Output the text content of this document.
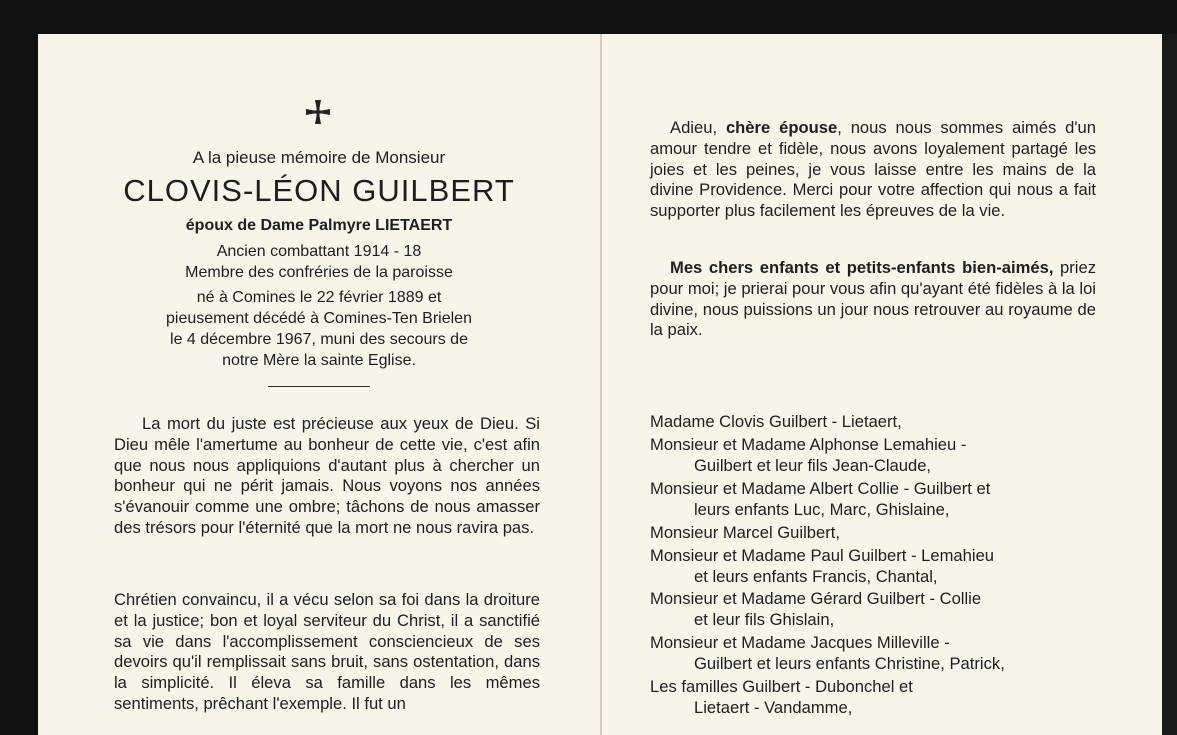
A la pieuse mémoire de Monsieur
CLOVIS-LÉON GUILBERT
époux de Dame Palmyre LIETAERT
Ancien combattant 1914 - 18
Membre des confréries de la paroisse
né à Comines le 22 février 1889 et
pieusement décédé à Comines-Ten Brielen
le 4 décembre 1967, muni des secours de
notre Mère la sainte Eglise.

La mort du juste est précieuse aux yeux de Dieu. Si Dieu mêle l'amertume au bonheur de cette vie, c'est afin que nous nous appliquions d'autant plus à chercher un bonheur qui ne périt jamais. Nous voyons nos années s'évanouir comme une ombre; tâchons de nous amasser des trésors pour l'éternité que la mort ne nous ravira pas.

Chrétien convaincu, il a vécu selon sa foi dans la droiture et la justice; bon et loyal serviteur du Christ, il a sanctifié sa vie dans l'accomplissement consciencieux de ses devoirs qu'il remplissait sans bruit, sans ostentation, dans la simplicité. Il éleva sa famille dans les mêmes sentiments, prêchant l'exemple. Il fut un

Adieu, chère épouse, nous nous sommes aimés d'un amour tendre et fidèle, nous avons loyalement partagé les joies et les peines, je vous laisse entre les mains de la divine Providence. Merci pour votre affection qui nous a fait supporter plus facilement les épreuves de la vie.

Mes chers enfants et petits-enfants bien-aimés, priez pour moi; je prierai pour vous afin qu'ayant été fidèles à la loi divine, nous puissions un jour nous retrouver au royaume de la paix.

Madame Clovis Guilbert - Lietaert,
Monsieur et Madame Alphonse Lemahieu -
Guilbert et leur fils Jean-Claude,
Monsieur et Madame Albert Collie - Guilbert et
leurs enfants Luc, Marc, Ghislaine,
Monsieur Marcel Guilbert,
Monsieur et Madame Paul Guilbert - Lemahieu
et leurs enfants Francis, Chantal,
Monsieur et Madame Gérard Guilbert - Collie
et leur fils Ghislain,
Monsieur et Madame Jacques Milleville -
Guilbert et leurs enfants Christine, Patrick,
Les familles Guilbert - Dubonchel et
Lietaert - Vandamme,
